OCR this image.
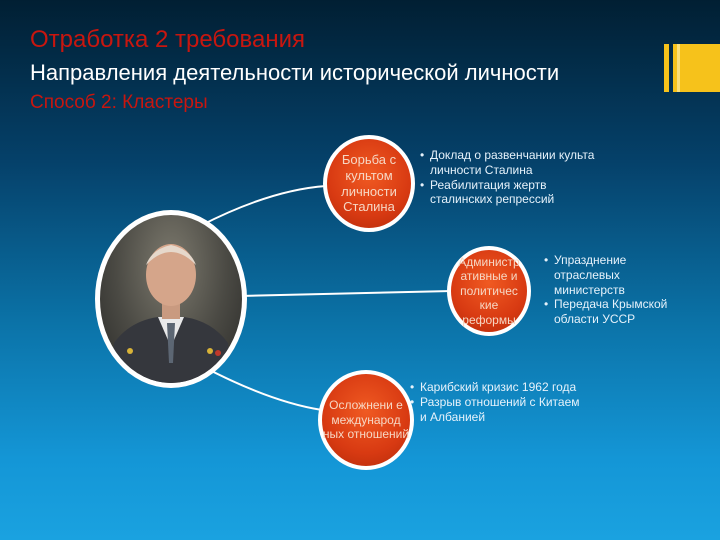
Отработка 2 требования
Направления деятельности исторической личности
Способ 2: Кластеры
Борьба с культом личности Сталина
• Доклад о развенчании культа личности Сталина
• Реабилитация жертв сталинских репрессий
Администр ативные и политичес кие реформы
• Упразднение отраслевых министерств
• Передача Крымской области УССР
Осложнени е международ ных отношений
• Карибский кризис 1962 года
• Разрыв отношений с Китаем и Албанией
